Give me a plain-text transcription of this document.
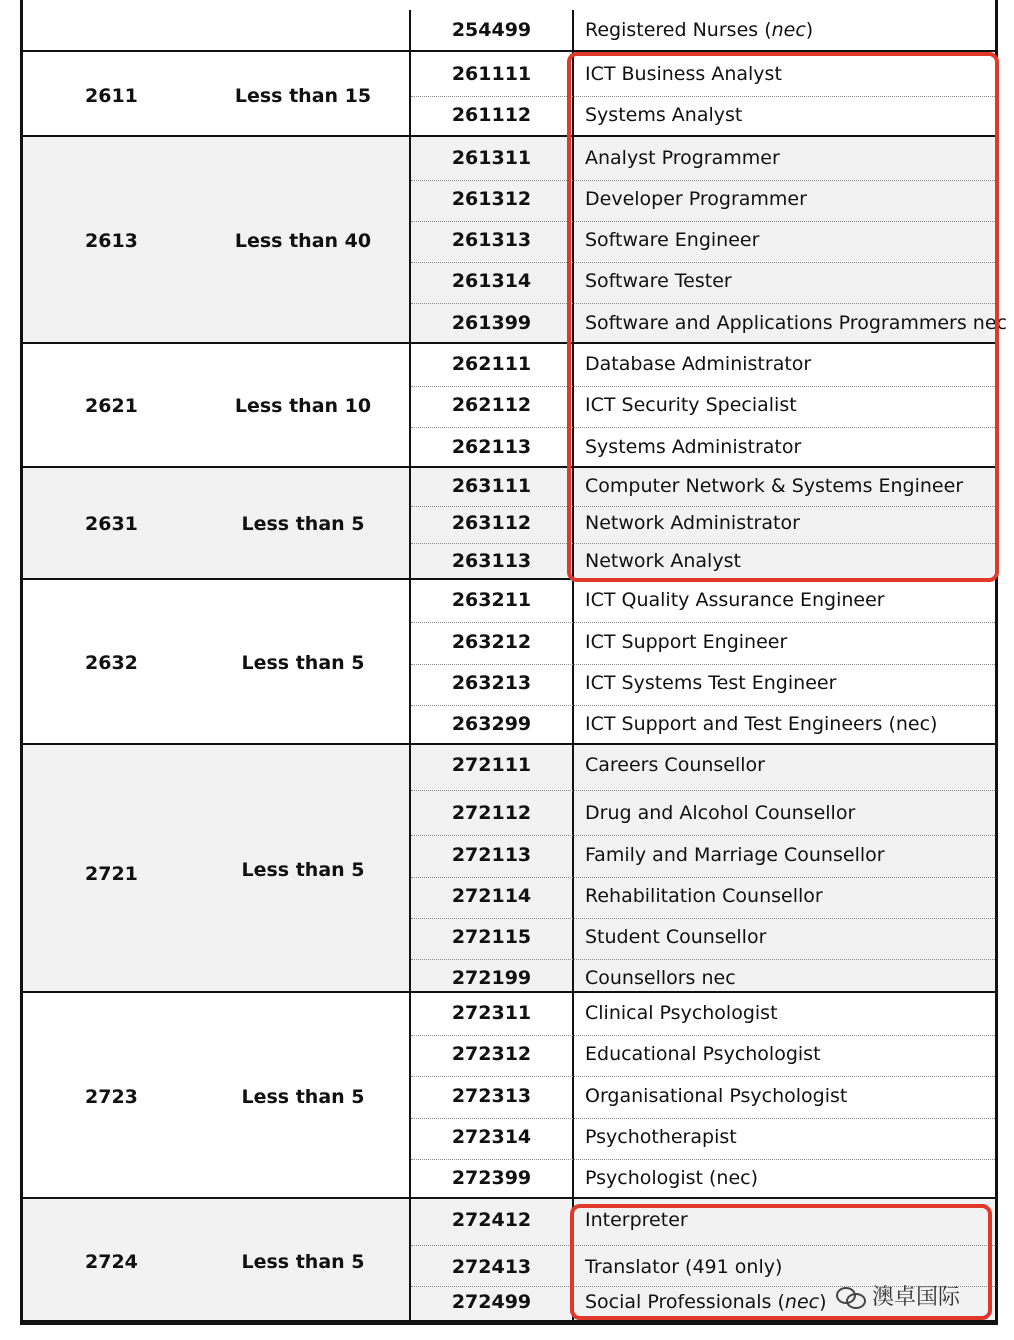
254499	Registered Nurses (nec)
2611	Less than 15
261111	ICT Business Analyst
261112	Systems Analyst
2613	Less than 40
261311	Analyst Programmer
261312	Developer Programmer
261313	Software Engineer
261314	Software Tester
261399	Software and Applications Programmers nec
2621	Less than 10
262111	Database Administrator
262112	ICT Security Specialist
262113	Systems Administrator
2631	Less than 5
263111	Computer Network & Systems Engineer
263112	Network Administrator
263113	Network Analyst
2632	Less than 5
263211	ICT Quality Assurance Engineer
263212	ICT Support Engineer
263213	ICT Systems Test Engineer
263299	ICT Support and Test Engineers (nec)
2721	Less than 5
272111	Careers Counsellor
272112	Drug and Alcohol Counsellor
272113	Family and Marriage Counsellor
272114	Rehabilitation Counsellor
272115	Student Counsellor
272199	Counsellors nec
2723	Less than 5
272311	Clinical Psychologist
272312	Educational Psychologist
272313	Organisational Psychologist
272314	Psychotherapist
272399	Psychologist (nec)
2724	Less than 5
272412	Interpreter
272413	Translator (491 only)
272499	Social Professionals (nec) 澳卓国际
